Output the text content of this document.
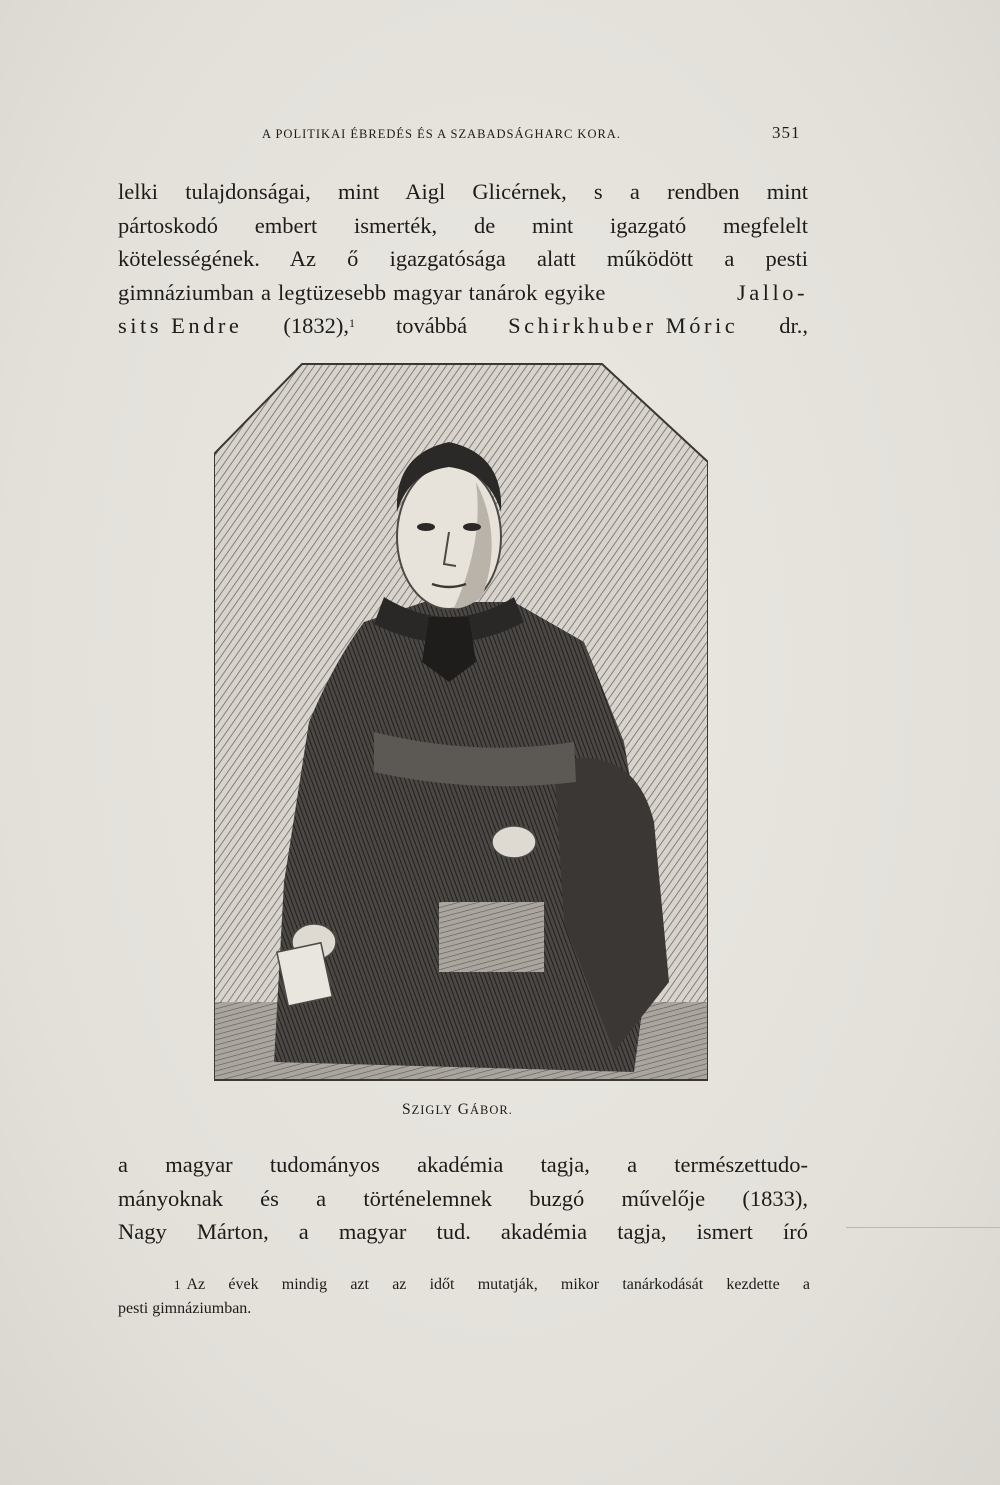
A POLITIKAI ÉBREDÉS ÉS A SZABADSÁGHARC KORA.	351
lelki tulajdonságai, mint Aigl Glicérnek, s a rendben mint
pártoskodó embert ismerték, de mint igazgató megfelelt
kötelességének. Az ő igazgatósága alatt működött a pesti
gimnáziumban a legtüzesebb magyar tanárok egyike	Jallo-
sits Endre (1832),$^1$ továbbá Schirkhuber Móric dr.,
SZIGLY GÁBOR.
a magyar tudományos akadémia tagja, a természettudo-
mányoknak és a történelemnek buzgó művelője (1833),
Nagy Márton, a magyar tud. akadémia tagja, ismert író
1 Az évek mindig azt az időt mutatják, mikor tanárkodását kezdette a
pesti gimnáziumban.
